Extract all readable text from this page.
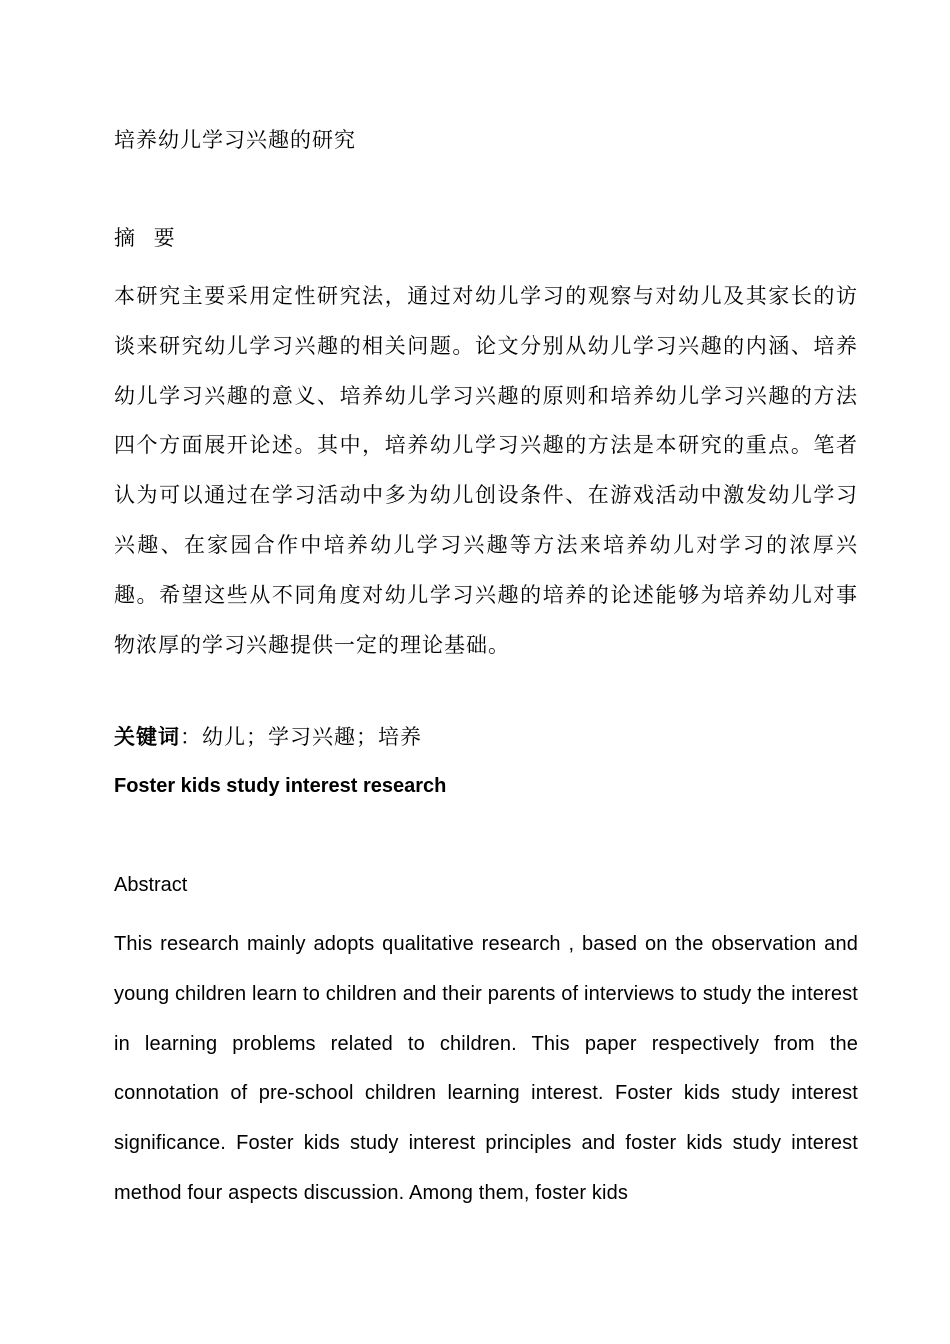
培养幼儿学习兴趣的研究
摘 要
本研究主要采用定性研究法，通过对幼儿学习的观察与对幼儿及其家长的访谈来研究幼儿学习兴趣的相关问题。论文分别从幼儿学习兴趣的内涵、培养幼儿学习兴趣的意义、培养幼儿学习兴趣的原则和培养幼儿学习兴趣的方法四个方面展开论述。其中，培养幼儿学习兴趣的方法是本研究的重点。笔者认为可以通过在学习活动中多为幼儿创设条件、在游戏活动中激发幼儿学习兴趣、在家园合作中培养幼儿学习兴趣等方法来培养幼儿对学习的浓厚兴趣。希望这些从不同角度对幼儿学习兴趣的培养的论述能够为培养幼儿对事物浓厚的学习兴趣提供一定的理论基础。
关键词：幼儿；学习兴趣；培养
Foster kids study interest research
Abstract
This research mainly adopts qualitative research , based on the observation and young children learn to children and their parents of interviews to study the interest in learning problems related to children. This paper respectively from the connotation of pre-school children learning interest. Foster kids study interest significance. Foster kids study interest principles and foster kids study interest method four aspects discussion. Among them, foster kids
